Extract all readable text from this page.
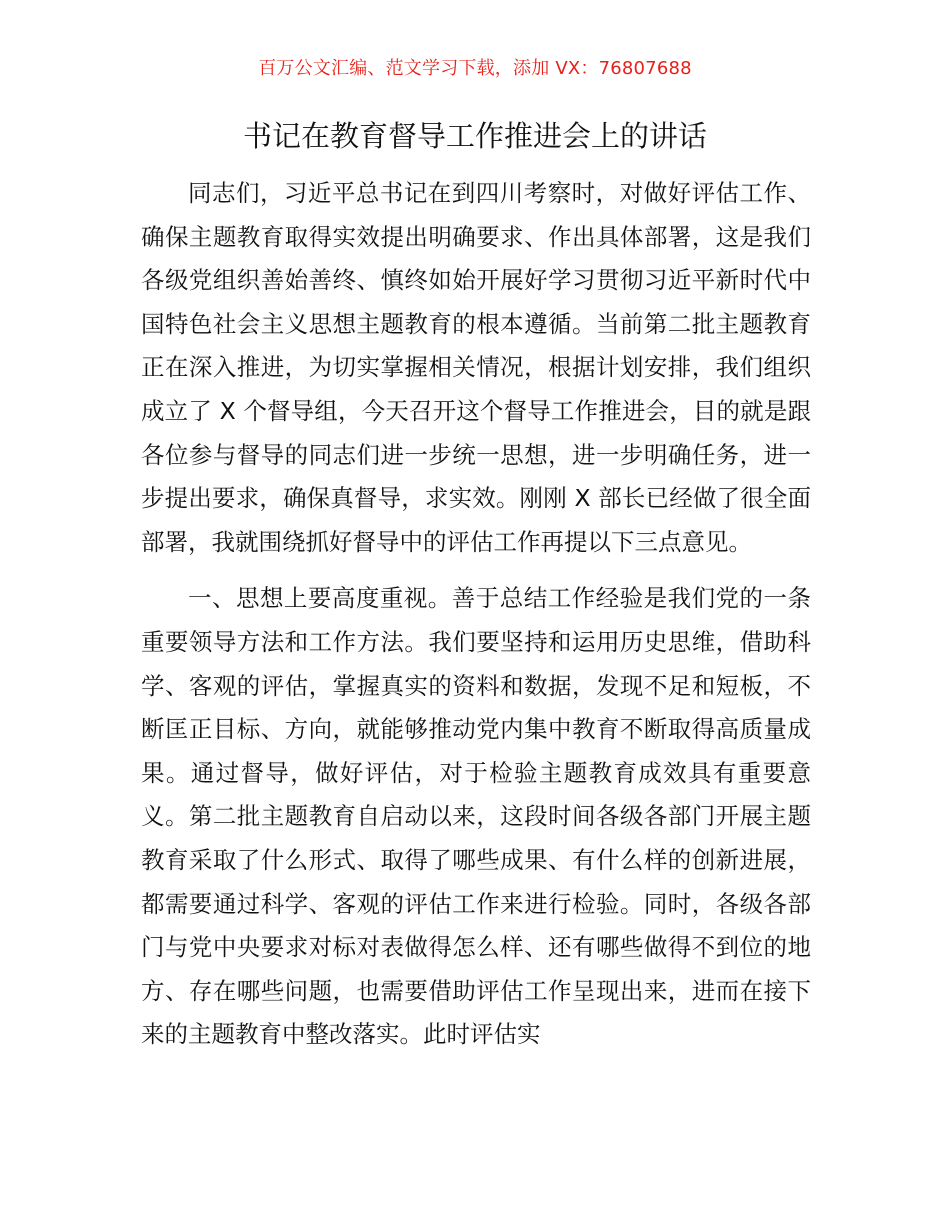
百万公文汇编、范文学习下载，添加 VX：76807688
书记在教育督导工作推进会上的讲话

同志们，习近平总书记在到四川考察时，对做好评估工作、确保主题教育取得实效提出明确要求、作出具体部署，这是我们各级党组织善始善终、慎终如始开展好学习贯彻习近平新时代中国特色社会主义思想主题教育的根本遵循。当前第二批主题教育正在深入推进，为切实掌握相关情况，根据计划安排，我们组织成立了 X 个督导组，今天召开这个督导工作推进会，目的就是跟各位参与督导的同志们进一步统一思想，进一步明确任务，进一步提出要求，确保真督导，求实效。刚刚 X 部长已经做了很全面部署，我就围绕抓好督导中的评估工作再提以下三点意见。

一、思想上要高度重视。善于总结工作经验是我们党的一条重要领导方法和工作方法。我们要坚持和运用历史思维，借助科学、客观的评估，掌握真实的资料和数据，发现不足和短板，不断匡正目标、方向，就能够推动党内集中教育不断取得高质量成果。通过督导，做好评估，对于检验主题教育成效具有重要意义。第二批主题教育自启动以来，这段时间各级各部门开展主题教育采取了什么形式、取得了哪些成果、有什么样的创新进展，都需要通过科学、客观的评估工作来进行检验。同时，各级各部门与党中央要求对标对表做得怎么样、还有哪些做得不到位的地方、存在哪些问题，也需要借助评估工作呈现出来，进而在接下来的主题教育中整改落实。此时评估实
